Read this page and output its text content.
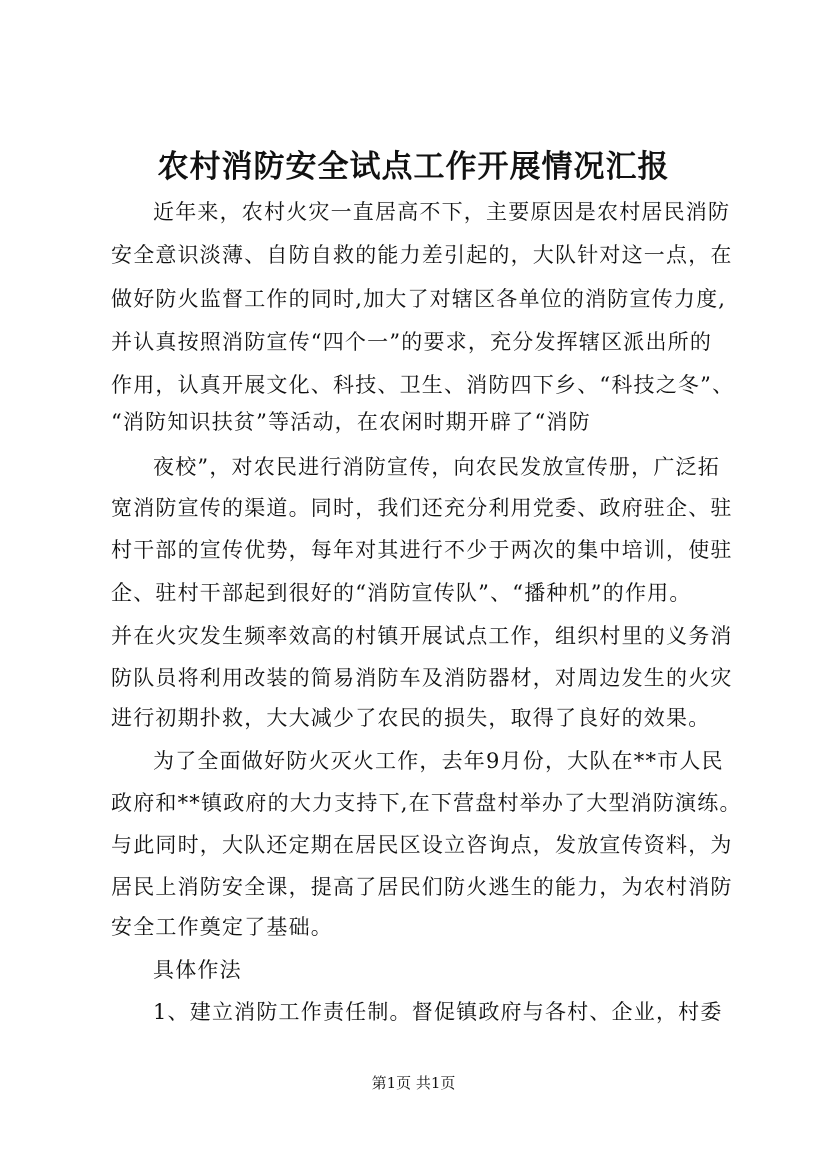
农村消防安全试点工作开展情况汇报

近年来，农村火灾一直居高不下，主要原因是农村居民消防

安全意识淡薄、自防自救的能力差引起的，大队针对这一点，在

做好防火监督工作的同时,加大了对辖区各单位的消防宣传力度,

并认真按照消防宣传“四个一”的要求，充分发挥辖区派出所的

作用，认真开展文化、科技、卫生、消防四下乡、“科技之冬”、

“消防知识扶贫”等活动，在农闲时期开辟了“消防

夜校”，对农民进行消防宣传，向农民发放宣传册，广泛拓

宽消防宣传的渠道。同时，我们还充分利用党委、政府驻企、驻

村干部的宣传优势，每年对其进行不少于两次的集中培训，使驻

企、驻村干部起到很好的“消防宣传队”、“播种机”的作用。

并在火灾发生频率效高的村镇开展试点工作，组织村里的义务消

防队员将利用改装的简易消防车及消防器材，对周边发生的火灾

进行初期扑救，大大减少了农民的损失，取得了良好的效果。

为了全面做好防火灭火工作，去年9月份，大队在**市人民

政府和**镇政府的大力支持下,在下营盘村举办了大型消防演练。

与此同时，大队还定期在居民区设立咨询点，发放宣传资料，为

居民上消防安全课，提高了居民们防火逃生的能力，为农村消防

安全工作奠定了基础。

具体作法

1、建立消防工作责任制。督促镇政府与各村、企业，村委

第1页 共1页
